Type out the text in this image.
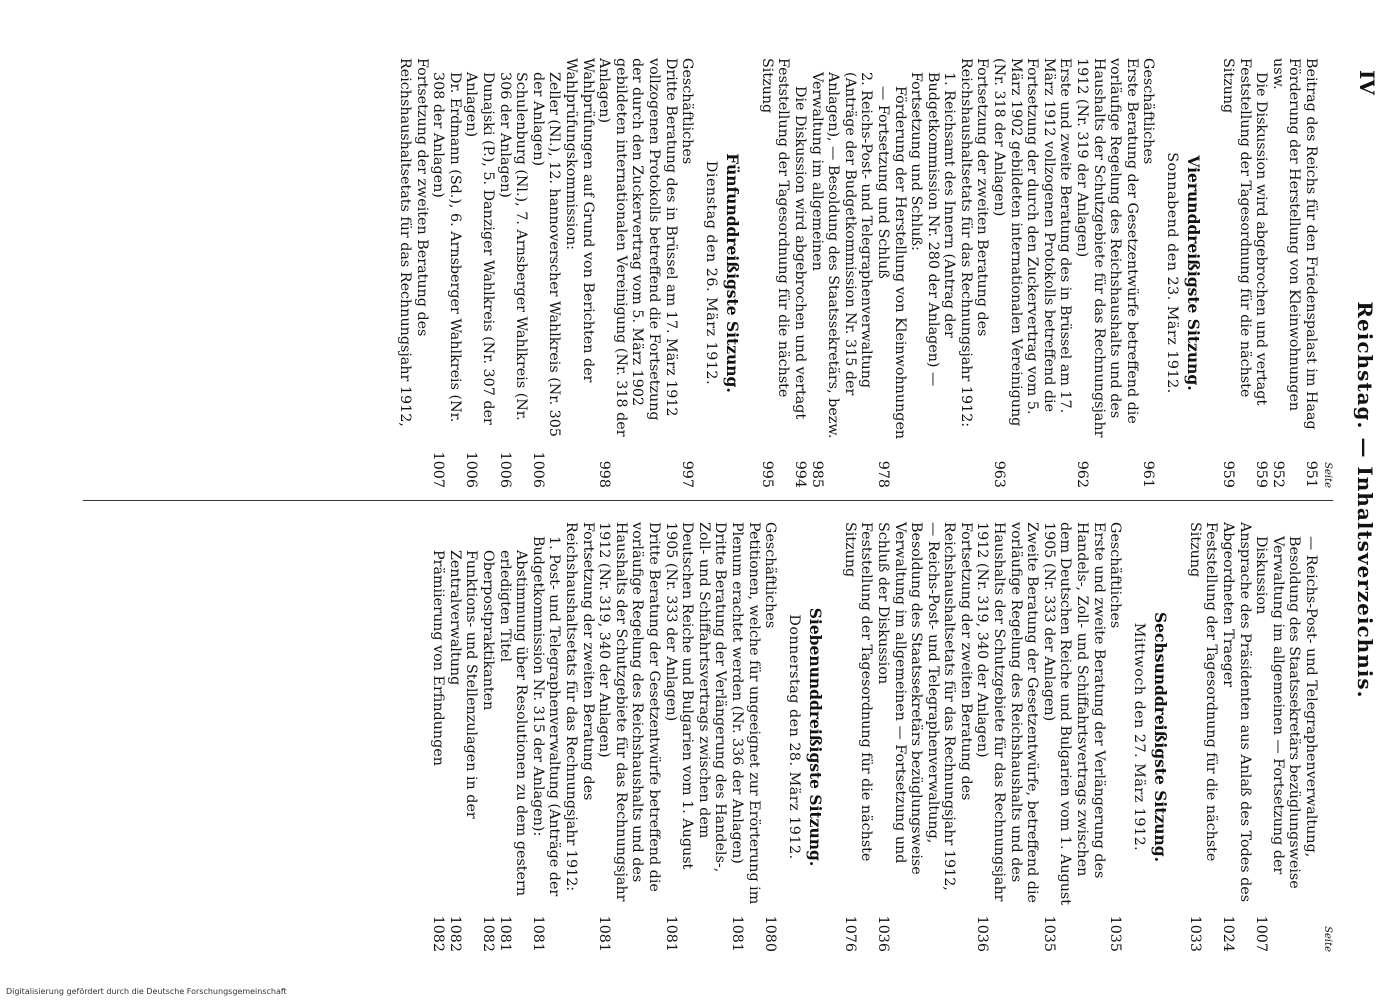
IV
Reichstag. — Inhaltsverzeichnis.
Seite
Beitrag des Reichs für den Friedenspalast im Haag
951
Förderung der Herstellung von Kleinwohnungen usw.
952
Die Diskussion wird abgebrochen und vertagt
959
Feststellung der Tagesordnung für die nächste Sitzung
959
Vierunddreißigste Sitzung.
Sonnabend den 23. März 1912.
Geschäftliches
961
Erste Beratung der Gesetzentwürfe betreffend die vorläufige Regelung des Reichshaushalts und des Haushalts der Schutzgebiete für das Rechnungsjahr 1912 (Nr. 319 der Anlagen)
962
Erste und zweite Beratung des in Brüssel am 17. März 1912 vollzogenen Protokolls betreffend die Fortsetzung der durch den Zuckervertrag vom 5. März 1902 gebildeten internationalen Vereinigung (Nr. 318 der Anlagen)
963
Fortsetzung der zweiten Beratung des Reichshaushaltsetats für das Rechnungsjahr 1912:
1. Reichsamt des Innern (Antrag der Budgetkommission Nr. 280 der Anlagen) — Fortsetzung und Schluß:
Förderung der Herstellung von Kleinwohnungen — Fortsetzung und Schluß
978
2. Reichs-Post- und Telegraphenverwaltung (Anträge der Budgetkommission Nr. 315 der Anlagen), — Besoldung des Staatssekretärs, bezw. Verwaltung im allgemeinen
985
Die Diskussion wird abgebrochen und vertagt
994
Feststellung der Tagesordnung für die nächste Sitzung
995
Fünfunddreißigste Sitzung.
Dienstag den 26. März 1912.
Geschäftliches
997
Dritte Beratung des in Brüssel am 17. März 1912 vollzogenen Protokolls betreffend die Fortsetzung der durch den Zuckervertrag vom 5. März 1902 gebildeten internationalen Vereinigung (Nr. 318 der Anlagen)
998
Wahlprüfungen auf Grund von Berichten der Wahlprüfungskommission:
Zeller (Nl.), 12. hannoverscher Wahlkreis (Nr. 305 der Anlagen)
1006
Schulenburg (Nl.), 7. Arnsberger Wahlkreis (Nr. 306 der Anlagen)
1006
Dunajski (P.), 5. Danziger Wahlkreis (Nr. 307 der Anlagen)
1006
Dr. Erdmann (Sd.), 6. Arnsberger Wahlkreis (Nr. 308 der Anlagen)
1007
Fortsetzung der zweiten Beratung des Reichshaushaltsetats für das Rechnungsjahr 1912,
Seite
— Reichs-Post- und Telegraphenverwaltung, Besoldung des Staatssekretärs bezüglungsweise Verwaltung im allgemeinen — Fortsetzung der Diskussion
1007
Ansprache des Präsidenten aus Anlaß des Todes des Abgeordneten Traeger
1024
Feststellung der Tagesordnung für die nächste Sitzung
1033
Sechsunddreißigste Sitzung.
Mittwoch den 27. März 1912.
Geschäftliches
1035
Erste und zweite Beratung der Verlängerung des Handels-, Zoll- und Schiffahrtsvertrags zwischen dem Deutschen Reiche und Bulgarien vom 1. August 1905 (Nr. 333 der Anlagen)
1035
Zweite Beratung der Gesetzentwürfe, betreffend die vorläufige Regelung des Reichshaushalts und des Haushalts der Schutzgebiete für das Rechnungsjahr 1912 (Nr. 319, 340 der Anlagen)
1036
Fortsetzung der zweiten Beratung des Reichshaushaltsetats für das Rechnungsjahr 1912, — Reichs-Post- und Telegraphenverwaltung, Besoldung des Staatssekretärs bezüglungsweise Verwaltung im allgemeinen — Fortsetzung und Schluß der Diskussion
1036
Feststellung der Tagesordnung für die nächste Sitzung
1076
Siebenunddreißigste Sitzung.
Donnerstag den 28. März 1912.
Geschäftliches
1080
Petitionen, welche für ungeeignet zur Erörterung im Plenum erachtet werden (Nr. 336 der Anlagen)
1081
Dritte Beratung der Verlängerung des Handels-, Zoll- und Schiffahrtsvertrags zwischen dem Deutschen Reiche und Bulgarien vom 1. August 1905 (Nr. 333 der Anlagen)
1081
Dritte Beratung der Gesetzentwürfe betreffend die vorläufige Regelung des Reichshaushalts und des Haushalts der Schutzgebiete für das Rechnungsjahr 1912 (Nr. 319, 340 der Anlagen)
1081
Fortsetzung der zweiten Beratung des Reichshaushaltsetats für das Rechnungsjahr 1912:
1. Post- und Telegraphenverwaltung (Anträge der Budgetkommission Nr. 315 der Anlagen):
1081
Abstimmung über Resolutionen zu dem gestern erledigten Titel
1081
Oberpostpraktikanten
1082
Funktions- und Stellenzulagen in der Zentralverwaltung
1082
Prämiierung von Erfindungen
1082
Digitalisierung gefördert durch die Deutsche Forschungsgemeinschaft
